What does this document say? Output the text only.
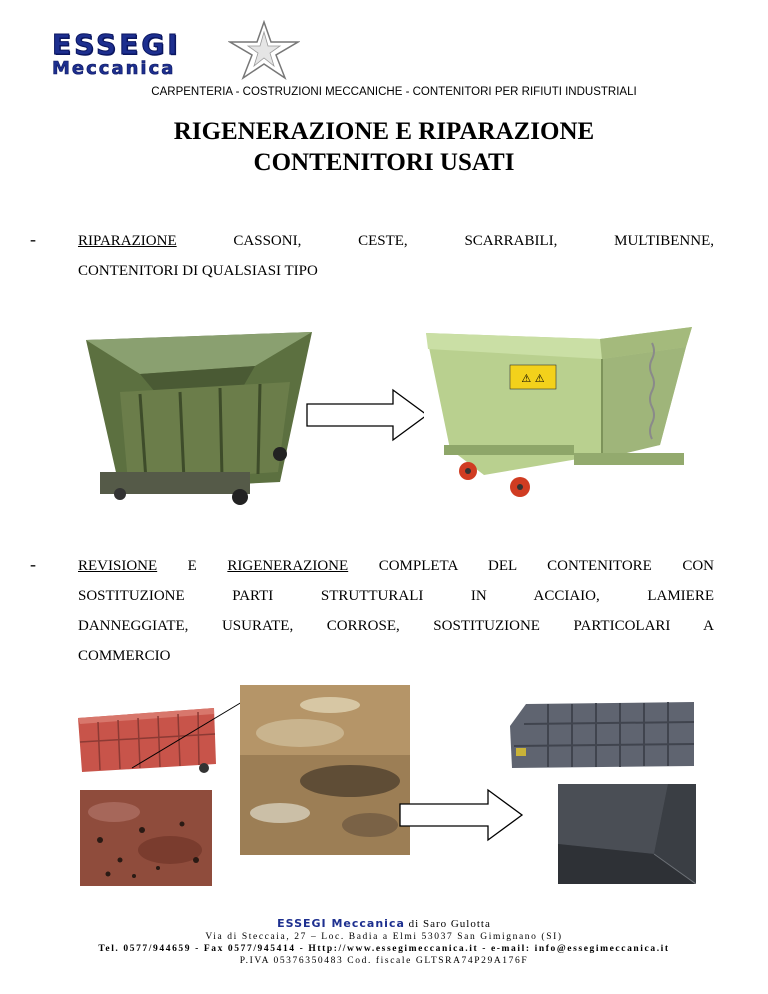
ESSEGI
Meccanica
CARPENTERIA - COSTRUZIONI MECCANICHE - CONTENITORI PER RIFIUTI INDUSTRIALI
RIGENERAZIONE E RIPARAZIONE
CONTENITORI USATI
-	RIPARAZIONE CASSONI, CESTE, SCARRABILI, MULTIBENNE,
CONTENITORI DI QUALSIASI TIPO
⚠ ⚠
-	REVISIONE E RIGENERAZIONE COMPLETA DEL CONTENITORE CON
SOSTITUZIONE PARTI STRUTTURALI IN ACCIAIO, LAMIERE
DANNEGGIATE, USURATE, CORROSE, SOSTITUZIONE PARTICOLARI A
COMMERCIO
ESSEGI Meccanica di Saro Gulotta
Via di Steccaia, 27 – Loc. Badia a Elmi 53037 San Gimignano (SI)
Tel. 0577/944659 - Fax 0577/945414 - Http://www.essegimeccanica.it - e-mail: info@essegimeccanica.it
P.IVA 05376350483 Cod. fiscale GLTSRA74P29A176F
